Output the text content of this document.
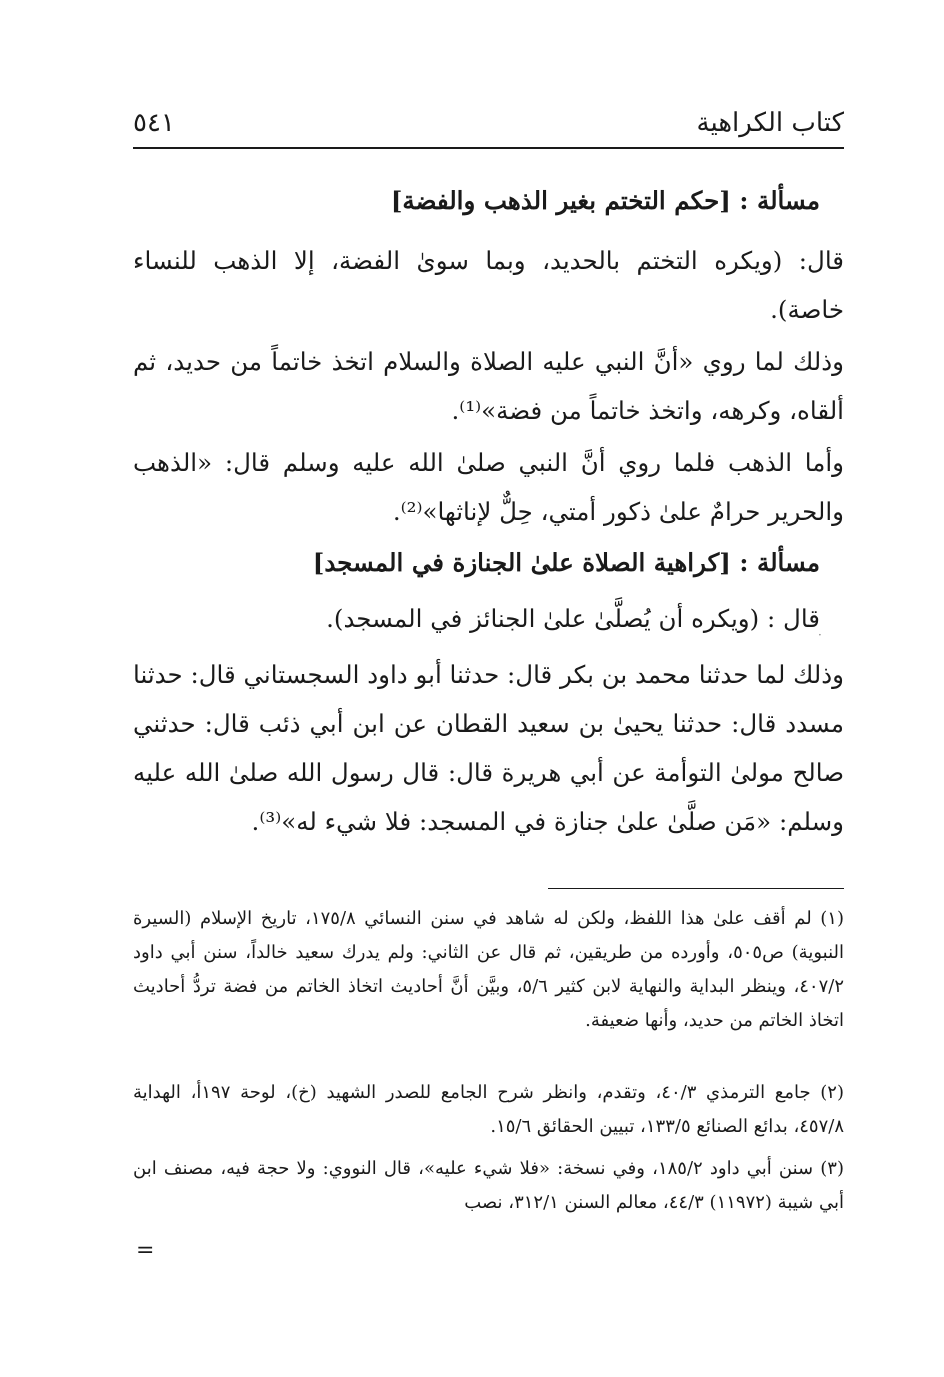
كتاب الكراهية
٥٤١
مسألة : [حكم التختم بغير الذهب والفضة]
قال: (ويكره التختم بالحديد، وبما سوىٰ الفضة، إلا الذهب للنساء خاصة).
وذلك لما روي «أنَّ النبي عليه الصلاة والسلام اتخذ خاتماً من حديد، ثم ألقاه، وكرهه، واتخذ خاتماً من فضة»⁽¹⁾.
وأما الذهب فلما روي أنَّ النبي صلىٰ الله عليه وسلم قال: «الذهب والحرير حرامٌ علىٰ ذكور أمتي، حِلٌّ لإناثها»⁽²⁾.
مسألة : [كراهية الصلاة علىٰ الجنازة في المسجد]
قال : (ويكره أن يُصلَّىٰ علىٰ الجنائز في المسجد).
وذلك لما حدثنا محمد بن بكر قال: حدثنا أبو داود السجستاني قال: حدثنا مسدد قال: حدثنا يحيىٰ بن سعيد القطان عن ابن أبي ذئب قال: حدثني صالح مولىٰ التوأمة عن أبي هريرة قال: قال رسول الله صلىٰ الله عليه وسلم: «مَن صلَّىٰ علىٰ جنازة في المسجد: فلا شيء له»⁽³⁾.
·
(١) لم أقف علىٰ هذا اللفظ، ولكن له شاهد في سنن النسائي ١٧٥/٨، تاريخ الإسلام (السيرة النبوية) ص٥٠٥، وأورده من طريقين، ثم قال عن الثاني: ولم يدرك سعيد خالداً، سنن أبي داود ٤٠٧/٢، وينظر البداية والنهاية لابن كثير ٥/٦، وبيَّن أنَّ أحاديث اتخاذ الخاتم من فضة تردُّ أحاديث اتخاذ الخاتم من حديد، وأنها ضعيفة.
(٢) جامع الترمذي ٤٠/٣، وتقدم، وانظر شرح الجامع للصدر الشهيد (خ)، لوحة ١٩٧أ، الهداية ٤٥٧/٨، بدائع الصنائع ١٣٣/٥، تبيين الحقائق ١٥/٦.
(٣) سنن أبي داود ١٨٥/٢، وفي نسخة: «فلا شيء عليه»، قال النووي: ولا حجة فيه، مصنف ابن أبي شيبة (١١٩٧٢) ٤٤/٣، معالم السنن ٣١٢/١، نصب
=
